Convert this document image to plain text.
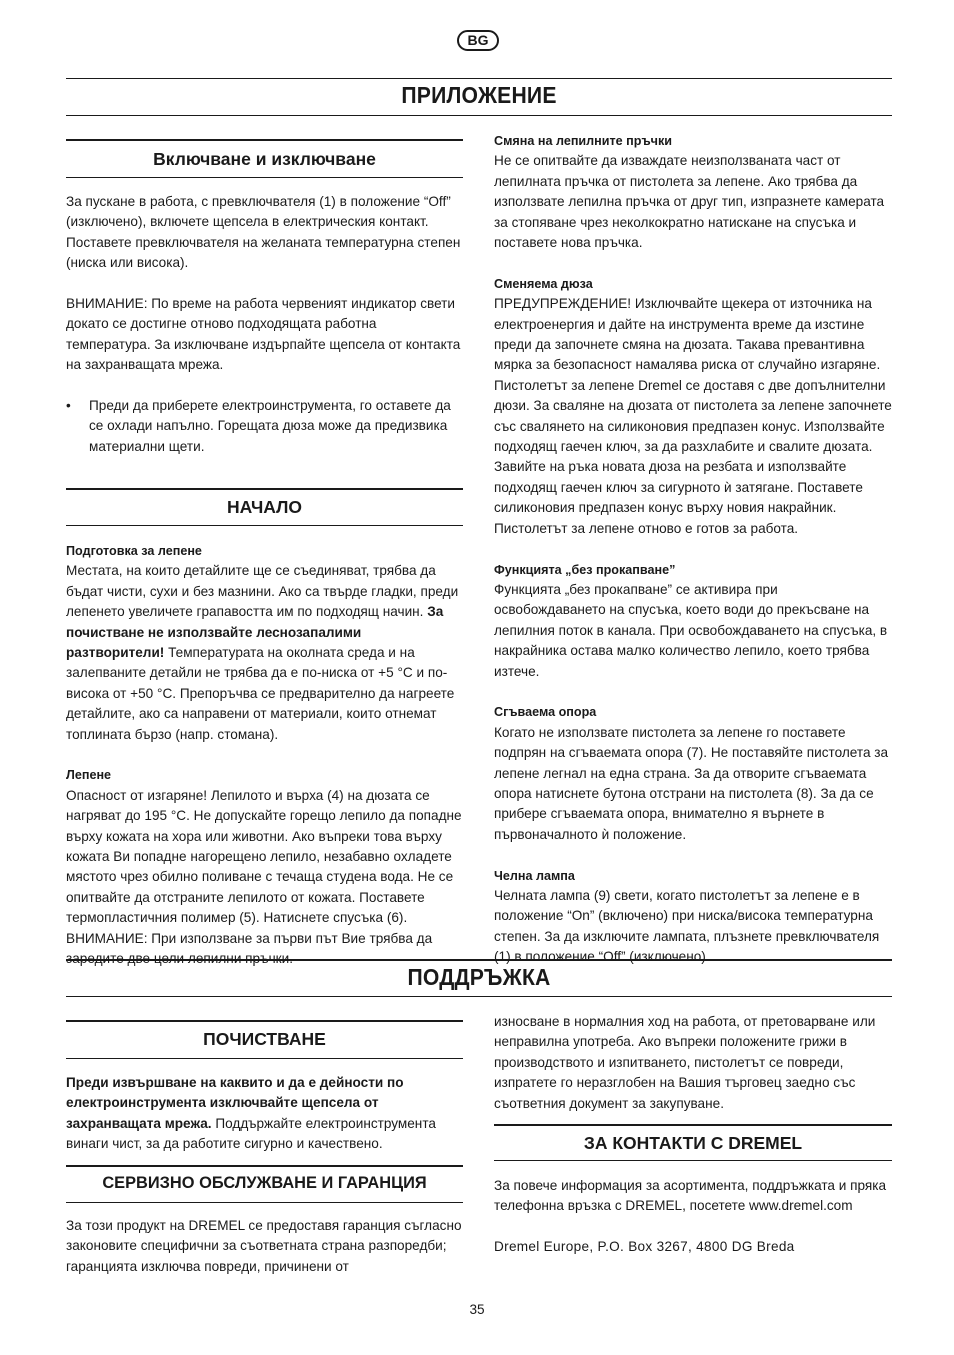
BG
ПРИЛОЖЕНИЕ
Включване и изключване

За пускане в работа, с превключвателя (1) в положение “Off” (изключено), включете щепсела в електрическия контакт. Поставете превключвателя на желаната температурна степен (ниска или висока).

ВНИМАНИЕ: По време на работа червеният индикатор свети докато се достигне отново подходящата работна температура. За изключване издърпайте щепсела от контакта на захранващата мрежа.

•	Преди да приберете електроинструмента, го оставете да се охлади напълно. Горещата дюза може да предизвика материални щети.
НАЧАЛО

Подготовка за лепене

Местата, на които детайлите ще се съединяват, трябва да бъдат чисти, сухи и без мазнини. Ако са твърде гладки, преди лепенето увеличете грапавостта им по подходящ начин. За почистване не използвайте леснозапалими разтворители! Температурата на околната среда и на залепваните детайли не трябва да е по-ниска от +5 °C и по-висока от +50 °C. Препоръчва се предварително да нагреете детайлите, ако са направени от материали, които отнемат топлината бързо (напр. стомана).

Лепене

Опасност от изгаряне! Лепилото и върха (4) на дюзата се нагряват до 195 °C. Не допускайте горещо лепило да попадне върху кожата на хора или животни. Ако въпреки това върху кожата Ви попадне нагорещено лепило, незабавно охладете мястото чрез обилно поливане с течаща студена вода. Не се опитвайте да отстраните лепилото от кожата. Поставете термопластичния полимер (5). Натиснете спусъка (6). ВНИМАНИЕ: При използване за първи път Вие трябва да заредите две цели лепилни пръчки.

Смяна на лепилните пръчки

Не се опитвайте да изваждате неизползваната част от лепилната пръчка от пистолета за лепене. Ако трябва да използвате лепилна пръчка от друг тип, изпразнете камерата за стопяване чрез неколкократно натискане на спусъка и поставете нова пръчка.

Сменяема дюза

ПРЕДУПРЕЖДЕНИЕ! Изключвайте щекера от източника на електроенергия и дайте на инструмента време да изстине преди да започнете смяна на дюзата. Такава превантивна мярка за безопасност намалява риска от случайно изгаряне. Пистолетът за лепене Dremel се доставя с две допълнителни дюзи. За сваляне на дюзата от пистолета за лепене започнете със свалянето на силиконовия предпазен конус. Използвайте подходящ гаечен ключ, за да разхлабите и свалите дюзата. Завийте на ръка новата дюза на резбата и използвайте подходящ гаечен ключ за сигурното ѝ затягане. Поставете силиконовия предпазен конус върху новия накрайник. Пистолетът за лепене отново е готов за работа.

Функцията „без прокапване”

Функцията „без прокапване” се активира при освобождаването на спусъка, което води до прекъсване на лепилния поток в канала. При освобождаването на спусъка, в накрайника остава малко количество лепило, което трябва изтече.

Сгъваема опора

Когато не използвате пистолета за лепене го поставете подпрян на сгъваемата опора (7). Не поставяйте пистолета за лепене легнал на една страна. За да отворите сгъваемата опора натиснете бутона отстрани на пистолета (8). За да се прибере сгъваемата опора, внимателно я върнете в първоначалното ѝ положение.

Челна лампа

Челната лампа (9) свети, когато пистолетът за лепене е в положение “On” (включено) при ниска/висока температурна степен. За да изключите лампата, плъзнете превключвателя (1) в положение “Off” (изключено).

ПОДДРЪЖКА
ПОЧИСТВАНЕ

Преди извършване на каквито и да е дейности по електроинструмента изключвайте щепсела от захранващата мрежа. Поддържайте електроинструмента винаги чист, за да работите сигурно и качествено.

СЕРВИЗНО ОБСЛУЖВАНЕ И ГАРАНЦИЯ

За този продукт на DREMEL се предоставя гаранция съгласно законовите специфични за съответната страна разпоредби; гаранцията изключва повреди, причинени от

износване в нормалния ход на работа, от претоварване или неправилна употреба. Ако въпреки положените грижи в производството и изпитването, пистолетът се повреди, изпратете го неразглобен на Вашия търговец заедно със съответния документ за закупуване.

ЗА КОНТАКТИ С DREMEL

За повече информация за асортимента, поддръжката и пряка телефонна връзка с DREMEL, посетете www.dremel.com

Dremel Europe, P.O. Box 3267, 4800 DG Breda

35
